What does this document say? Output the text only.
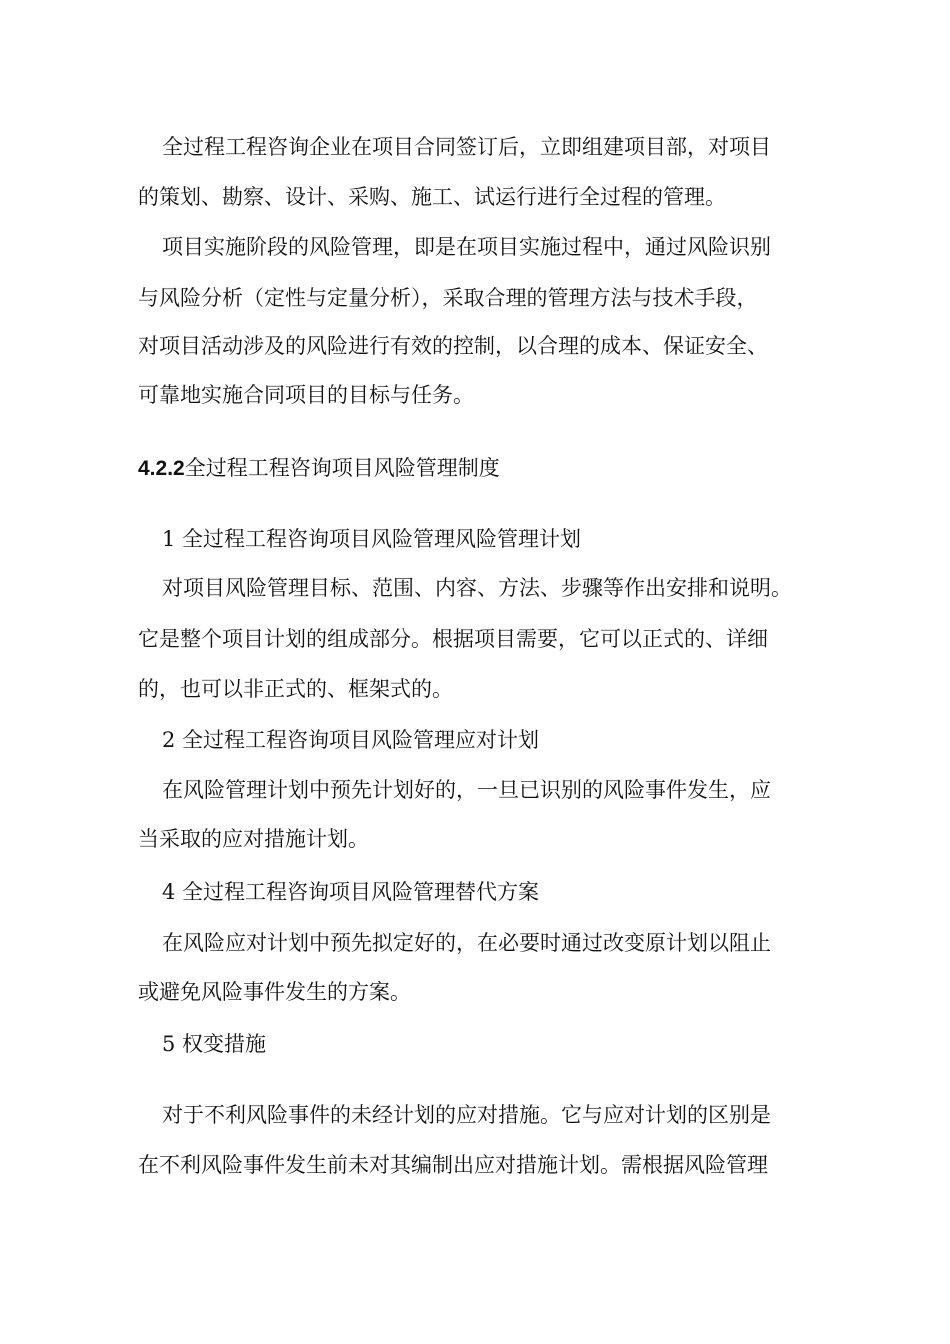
全过程工程咨询企业在项目合同签订后，立即组建项目部，对项目
的策划、勘察、设计、采购、施工、试运行进行全过程的管理。
项目实施阶段的风险管理，即是在项目实施过程中，通过风险识别
与风险分析（定性与定量分析），采取合理的管理方法与技术手段，
对项目活动涉及的风险进行有效的控制，以合理的成本、保证安全、
可靠地实施合同项目的目标与任务。
4.2.2全过程工程咨询项目风险管理制度
1 全过程工程咨询项目风险管理风险管理计划
对项目风险管理目标、范围、内容、方法、步骤等作出安排和说明。
它是整个项目计划的组成部分。根据项目需要，它可以正式的、详细
的，也可以非正式的、框架式的。
2 全过程工程咨询项目风险管理应对计划
在风险管理计划中预先计划好的，一旦已识别的风险事件发生，应
当采取的应对措施计划。
4 全过程工程咨询项目风险管理替代方案
在风险应对计划中预先拟定好的，在必要时通过改变原计划以阻止
或避免风险事件发生的方案。
5 权变措施
对于不利风险事件的未经计划的应对措施。它与应对计划的区别是
在不利风险事件发生前未对其编制出应对措施计划。需根据风险管理
